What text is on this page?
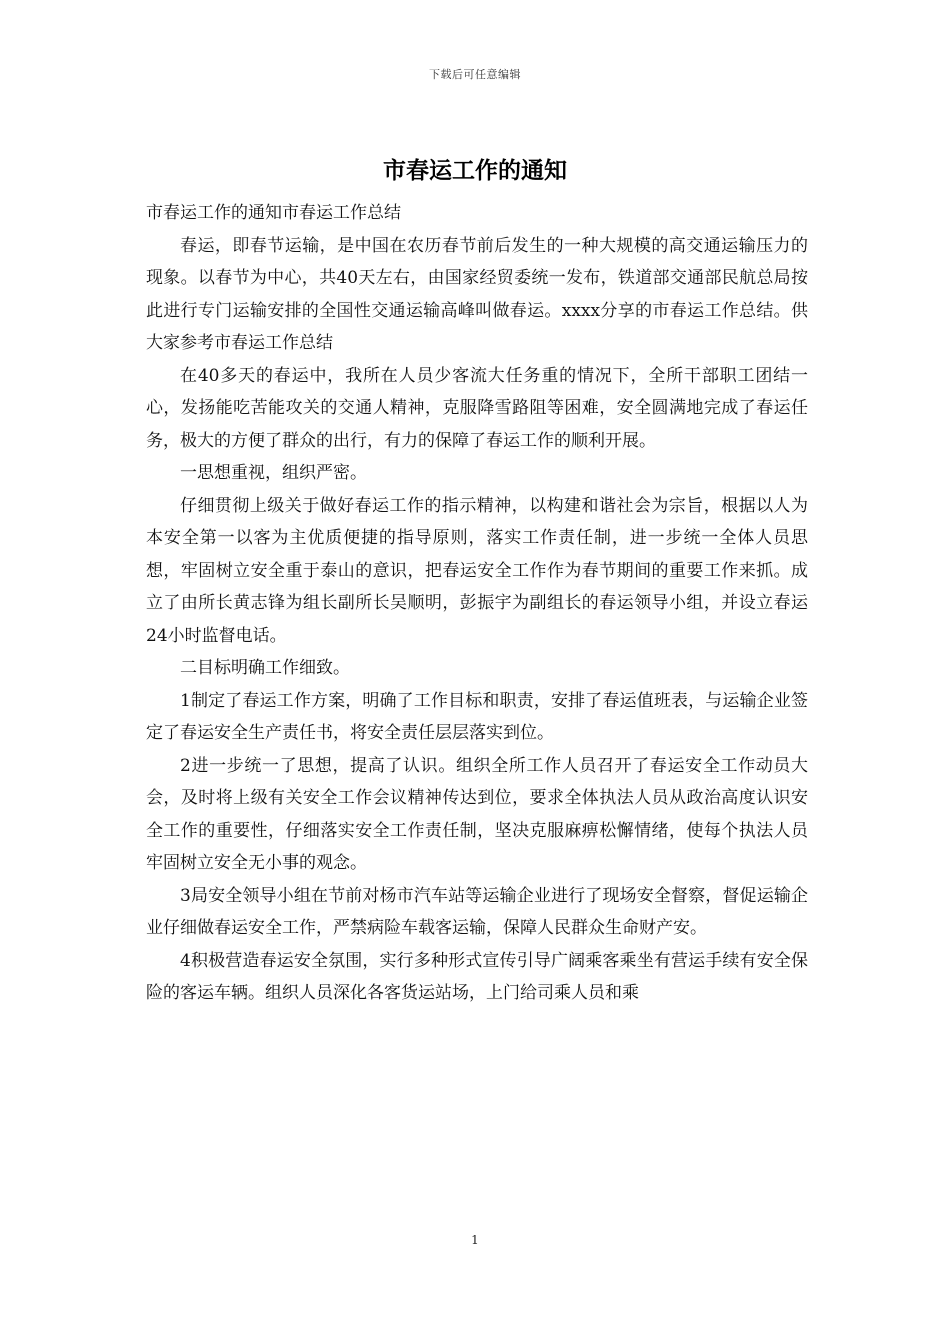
下载后可任意编辑
市春运工作的通知

市春运工作的通知市春运工作总结

春运，即春节运输，是中国在农历春节前后发生的一种大规模的高交通运输压力的现象。以春节为中心，共40天左右，由国家经贸委统一发布，铁道部交通部民航总局按此进行专门运输安排的全国性交通运输高峰叫做春运。xxxx分享的市春运工作总结。供大家参考市春运工作总结

在40多天的春运中，我所在人员少客流大任务重的情况下，全所干部职工团结一心，发扬能吃苦能攻关的交通人精神，克服降雪路阻等困难，安全圆满地完成了春运任务，极大的方便了群众的出行，有力的保障了春运工作的顺利开展。

一思想重视，组织严密。

仔细贯彻上级关于做好春运工作的指示精神，以构建和谐社会为宗旨，根据以人为本安全第一以客为主优质便捷的指导原则，落实工作责任制，进一步统一全体人员思想，牢固树立安全重于泰山的意识，把春运安全工作作为春节期间的重要工作来抓。成立了由所长黄志锋为组长副所长吴顺明，彭振宇为副组长的春运领导小组，并设立春运24小时监督电话。

二目标明确工作细致。

1制定了春运工作方案，明确了工作目标和职责，安排了春运值班表，与运输企业签定了春运安全生产责任书，将安全责任层层落实到位。

2进一步统一了思想，提高了认识。组织全所工作人员召开了春运安全工作动员大会，及时将上级有关安全工作会议精神传达到位，要求全体执法人员从政治高度认识安全工作的重要性，仔细落实安全工作责任制，坚决克服麻痹松懈情绪，使每个执法人员牢固树立安全无小事的观念。

3局安全领导小组在节前对杨市汽车站等运输企业进行了现场安全督察，督促运输企业仔细做春运安全工作，严禁病险车载客运输，保障人民群众生命财产安。

4积极营造春运安全氛围，实行多种形式宣传引导广阔乘客乘坐有营运手续有安全保险的客运车辆。组织人员深化各客货运站场，上门给司乘人员和乘

1
